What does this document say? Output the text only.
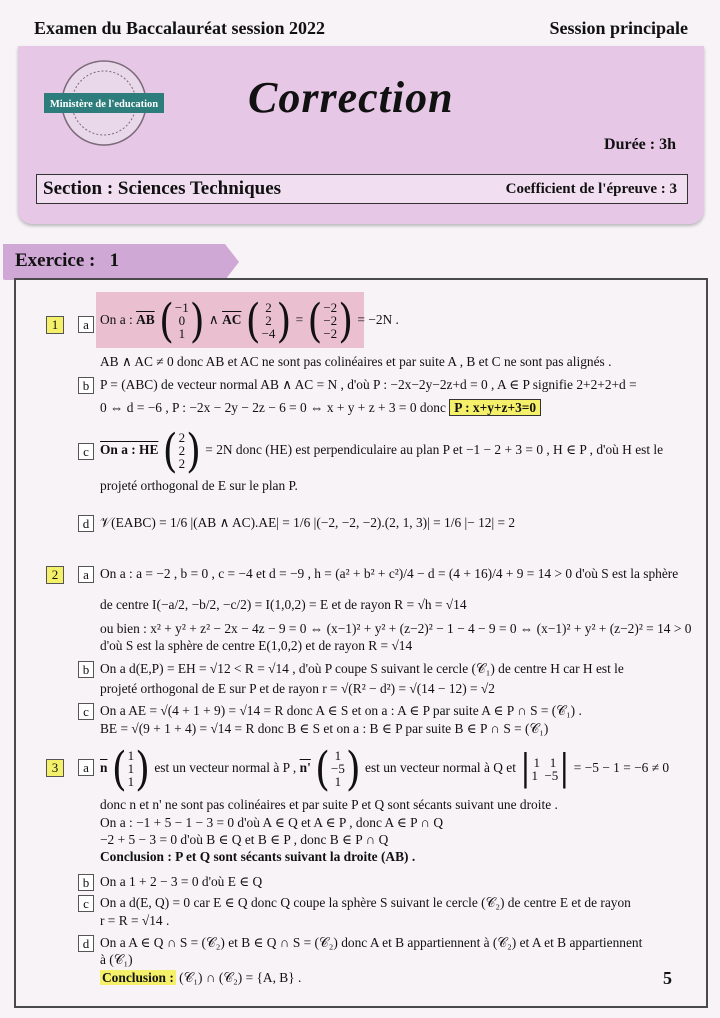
Examen du Baccalauréat session 2022	Session principale
Ministère de l'education Correction
Durée : 3h
Section : Sciences Techniques	Coefficient de l'épreuve : 3
Exercice : 1
1	a On a : $\overline{AB}$ ( −1
0
1 ) ∧ $\overline{AC}$ ( 2
2
−4 ) = ( −2
−2
−2 ) = −2N .
AB ∧ AC ≠ 0 donc AB et AC ne sont pas colinéaires et par suite A , B et C ne sont pas alignés .
b P = (ABC) de vecteur normal AB ∧ AC = N , d'où P : −2x−2y−2z+d = 0 , A ∈ P signifie 2+2+2+d =
0 ⇔ d = −6 , P : −2x − 2y − 2z − 6 = 0 ⇔ x + y + z + 3 = 0 donc P : x+y+z+3=0
c On a : HE ( 2
2
2 ) = 2N donc (HE) est perpendiculaire au plan P et −1 − 2 + 3 = 0 , H ∈ P , d'où H est le
projeté orthogonal de E sur le plan P.
d 𝒱(EABC) = 1/6 |(AB ∧ AC).AE| = 1/6 |(−2, −2, −2).(2, 1, 3)| = 1/6 |− 12| = 2
2	a On a : a = −2 , b = 0 , c = −4 et d = −9 , h = (a² + b² + c²)/4 − d = (4 + 16)/4 + 9 = 14 > 0 d'où S est la sphère
de centre I(−a/2, −b/2, −c/2) = I(1,0,2) = E et de rayon R = √h = √14
ou bien : x² + y² + z² − 2x − 4z − 9 = 0 ⇔ (x−1)² + y² + (z−2)² − 1 − 4 − 9 = 0 ⇔ (x−1)² + y² + (z−2)² = 14 > 0
d'où S est la sphère de centre E(1,0,2) et de rayon R = √14
b On a d(E,P) = EH = √12 < R = √14 , d'où P coupe S suivant le cercle (𝒞₁) de centre H car H est le
projeté orthogonal de E sur P et de rayon r = √(R² − d²) = √(14 − 12) = √2
c On a AE = √(4 + 1 + 9) = √14 = R donc A ∈ S et on a : A ∈ P par suite A ∈ P ∩ S = (𝒞₁) .
BE = √(9 + 1 + 4) = √14 = R donc B ∈ S et on a : B ∈ P par suite B ∈ P ∩ S = (𝒞₁)
3	a $\overline{n}$ ( 1
1
1 ) est un vecteur normal à P , n' ( 1
−5
1 ) est un vecteur normal à Q et | 1 1
1 −5 | = −5 − 1 = −6 ≠ 0
donc n et n' ne sont pas colinéaires et par suite P et Q sont sécants suivant une droite .
On a : −1 + 5 − 1 − 3 = 0 d'où A ∈ Q et A ∈ P , donc A ∈ P ∩ Q
−2 + 5 − 3 = 0 d'où B ∈ Q et B ∈ P , donc B ∈ P ∩ Q
Conclusion : P et Q sont sécants suivant la droite (AB) .
b On a 1 + 2 − 3 = 0 d'où E ∈ Q
c On a d(E, Q) = 0 car E ∈ Q donc Q coupe la sphère S suivant le cercle (𝒞₂) de centre E et de rayon
r = R = √14 .
d On a A ∈ Q ∩ S = (𝒞₂) et B ∈ Q ∩ S = (𝒞₂) donc A et B appartiennent à (𝒞₂) et A et B appartiennent
à (𝒞₁)
Conclusion : (𝒞₁) ∩ (𝒞₂) = {A, B} .	5
